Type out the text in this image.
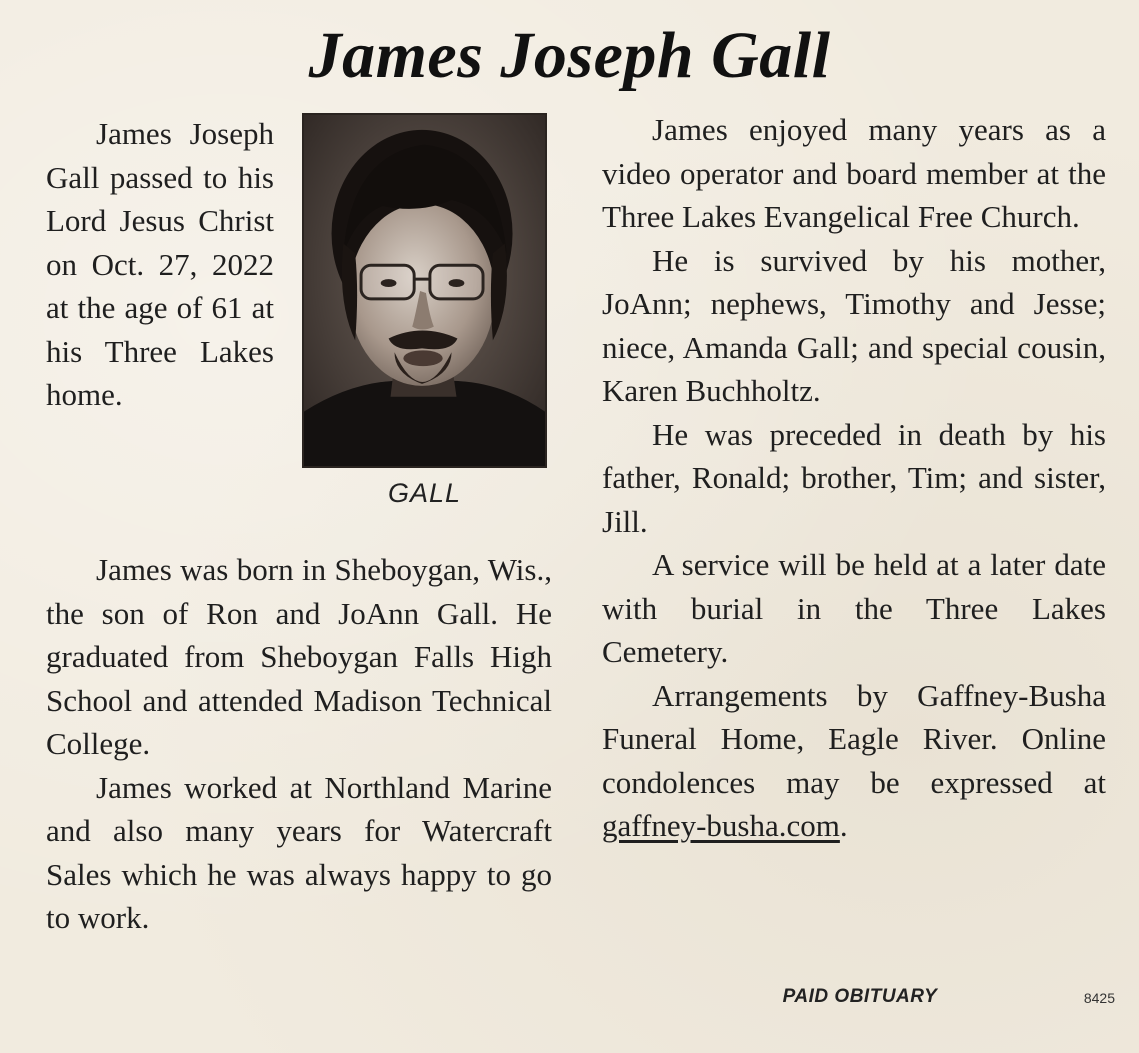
James Joseph Gall

James Joseph Gall passed to his Lord Jesus Christ on Oct. 27, 2022 at the age of 61 at his Three Lakes home.

GALL

James was born in Sheboygan, Wis., the son of Ron and JoAnn Gall. He graduated from Sheboygan Falls High School and attended Madison Technical College.

James worked at Northland Marine and also many years for Watercraft Sales which he was always happy to go to work.

James enjoyed many years as a video operator and board member at the Three Lakes Evangelical Free Church.

He is survived by his mother, JoAnn; nephews, Timothy and Jesse; niece, Amanda Gall; and special cousin, Karen Buchholtz.

He was preceded in death by his father, Ronald; brother, Tim; and sister, Jill.

A service will be held at a later date with burial in the Three Lakes Cemetery.

Arrangements by Gaffney-Busha Funeral Home, Eagle River. Online condolences may be expressed at gaffney-busha.com.

PAID OBITUARY	8425
